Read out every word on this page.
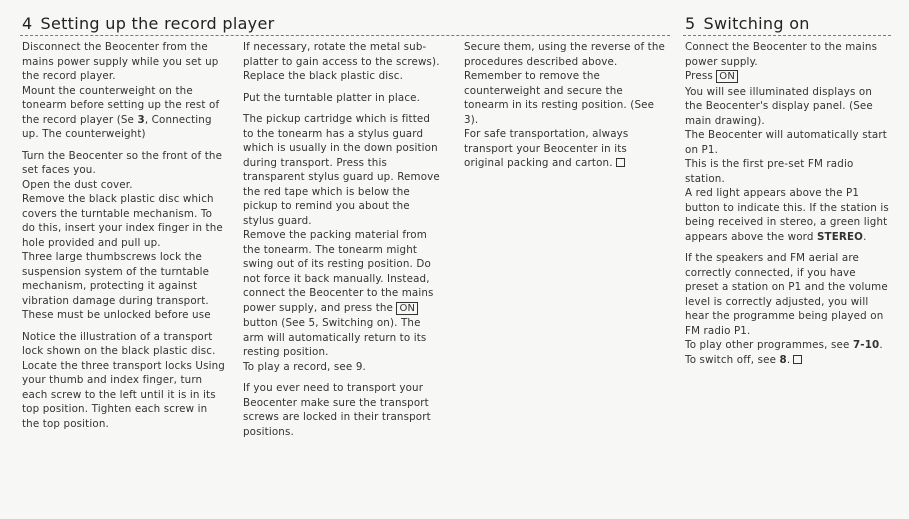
4 Setting up the record player	5 Switching on

Disconnect the Beocenter from the mains power supply while you set up the record player.

Mount the counterweight on the tonearm before setting up the rest of the record player (Se 3, Connecting up. The counterweight)

Turn the Beocenter so the front of the set faces you.

Open the dust cover.

Remove the black plastic disc which covers the turntable mechanism. To do this, insert your index finger in the hole provided and pull up.

Three large thumbscrews lock the suspension system of the turntable mechanism, protecting it against vibration damage during transport. These must be unlocked before use

Notice the illustration of a transport lock shown on the black plastic disc.

Locate the three transport locks Using your thumb and index finger, turn each screw to the left until it is in its top position. Tighten each screw in the top position.

If necessary, rotate the metal sub-platter to gain access to the screws).

Replace the black plastic disc.

Put the turntable platter in place.

The pickup cartridge which is fitted to the tonearm has a stylus guard which is usually in the down position during transport. Press this transparent stylus guard up. Remove the red tape which is below the pickup to remind you about the stylus guard.

Remove the packing material from the tonearm. The tonearm might swing out of its resting position. Do not force it back manually. Instead, connect the Beocenter to the mains power supply, and press the ON button (See 5, Switching on). The arm will automatically return to its resting position.

To play a record, see 9.

If you ever need to transport your Beocenter make sure the transport screws are locked in their transport positions.

Secure them, using the reverse of the procedures described above. Remember to remove the counterweight and secure the tonearm in its resting position. (See 3).

For safe transportation, always transport your Beocenter in its original packing and carton.

Connect the Beocenter to the mains power supply.

Press ON

You will see illuminated displays on the Beocenter's display panel. (See main drawing).

The Beocenter will automatically start on P1.

This is the first pre-set FM radio station.

A red light appears above the P1 button to indicate this. If the station is being received in stereo, a green light appears above the word STEREO.

If the speakers and FM aerial are correctly connected, if you have preset a station on P1 and the volume level is correctly adjusted, you will hear the programme being played on FM radio P1.

To play other programmes, see 7-10. To switch off, see 8.
